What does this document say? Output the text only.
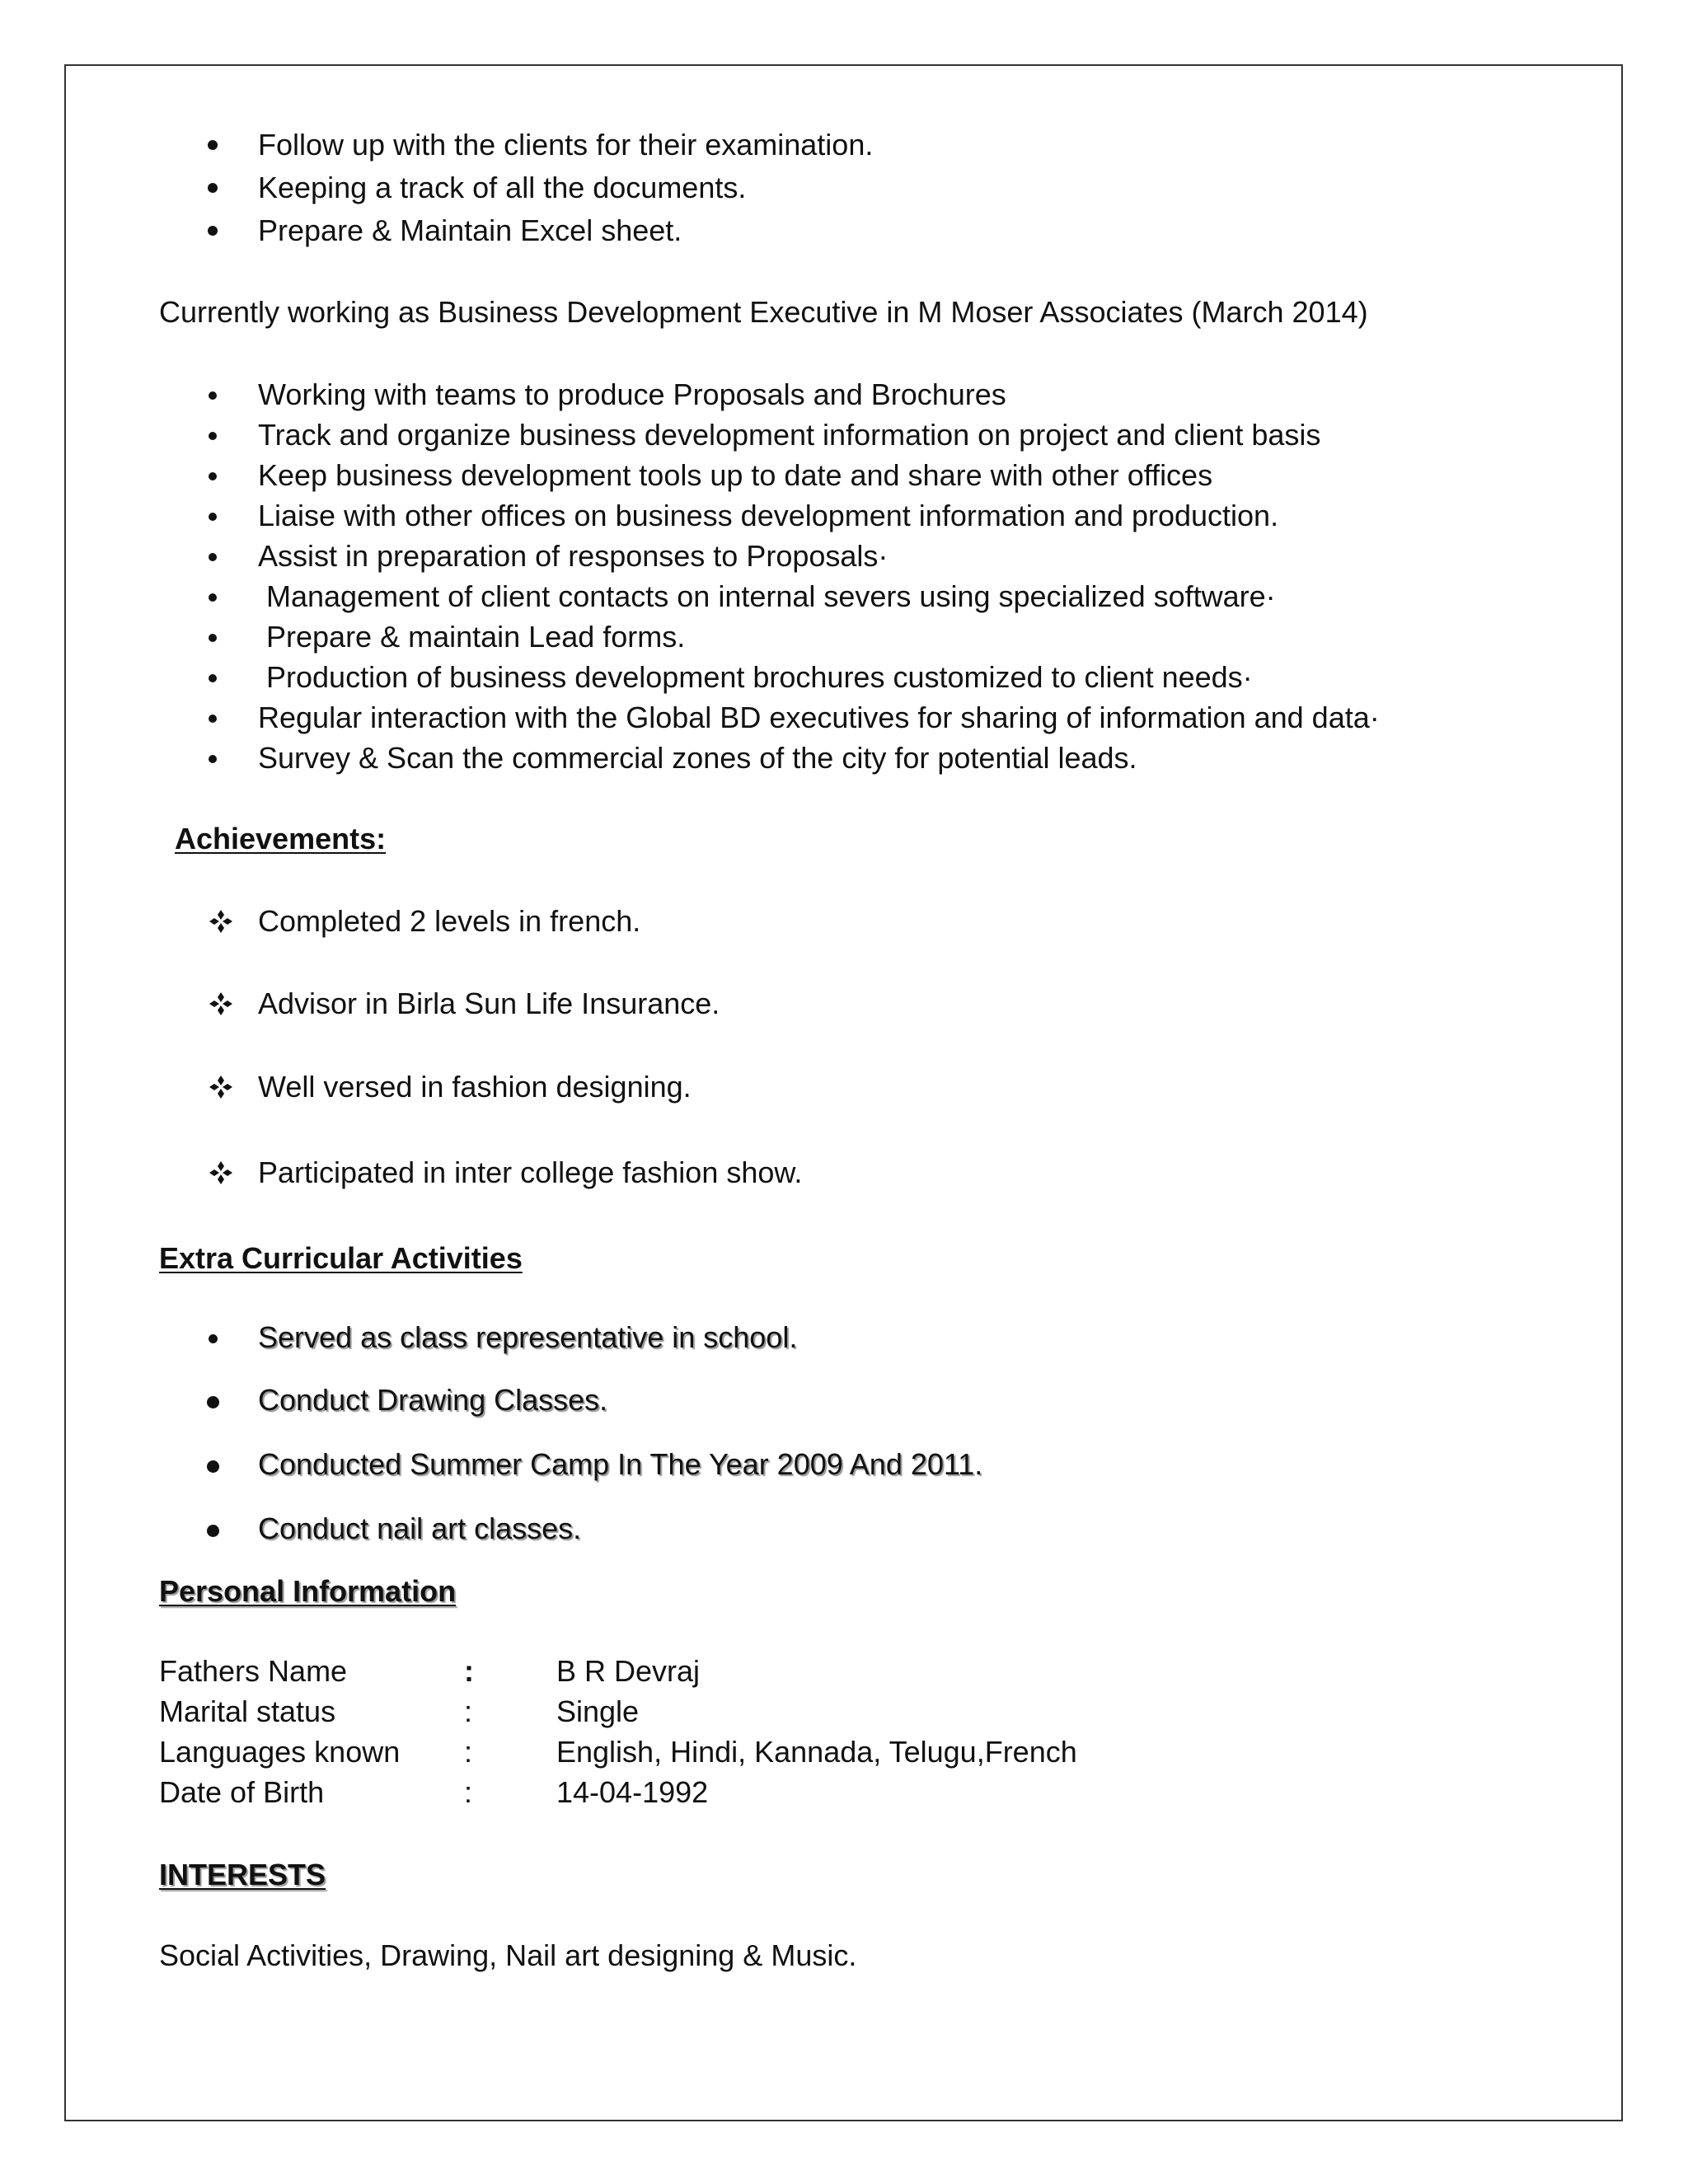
Follow up with the clients for their examination.
Keeping a track of all the documents.
Prepare & Maintain Excel sheet.

Currently working as Business Development Executive in M Moser Associates (March 2014)

Working with teams to produce Proposals and Brochures
Track and organize business development information on project and client basis
Keep business development tools up to date and share with other offices
Liaise with other offices on business development information and production.
Assist in preparation of responses to Proposals·
Management of client contacts on internal severs using specialized software·
Prepare & maintain Lead forms.
Production of business development brochures customized to client needs·
Regular interaction with the Global BD executives for sharing of information and data·
Survey & Scan the commercial zones of the city for potential leads.
Achievements:
Completed 2 levels in french.
Advisor in Birla Sun Life Insurance.
Well versed in fashion designing.
Participated in inter college fashion show.
Extra Curricular Activities
Served as class representative in school.
Conduct Drawing Classes.
Conducted Summer Camp In The Year 2009 And 2011.
Conduct nail art classes.
Personal Information
Fathers Name	:	B R Devraj
Marital status	:	Single
Languages known :	English, Hindi, Kannada, Telugu,French
Date of Birth	:	14-04-1992
INTERESTS

Social Activities, Drawing, Nail art designing & Music.
